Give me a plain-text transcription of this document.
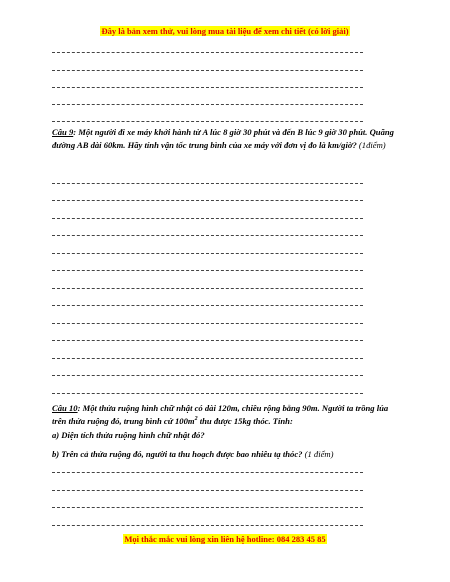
Đây là bản xem thử, vui lòng mua tài liệu để xem chi tiết (có lời giải)

Câu 9: Một người đi xe máy khởi hành từ A lúc 8 giờ 30 phút và đến B lúc 9 giờ 30 phút. Quãng đường AB dài 60km. Hãy tính vận tốc trung bình của xe máy với đơn vị đo là km/giờ? (1điểm)

Câu 10: Một thửa ruộng hình chữ nhật có dài 120m, chiều rộng bằng 90m. Người ta trồng lúa trên thửa ruộng đó, trung bình cứ $100m^2$ thu được 15kg thóc. Tính:

a) Diện tích thửa ruộng hình chữ nhật đó?

b) Trên cả thửa ruộng đó, người ta thu hoạch được bao nhiêu tạ thóc? (1 điểm)

Mọi thắc mắc vui lòng xin liên hệ hotline: 084 283 45 85
